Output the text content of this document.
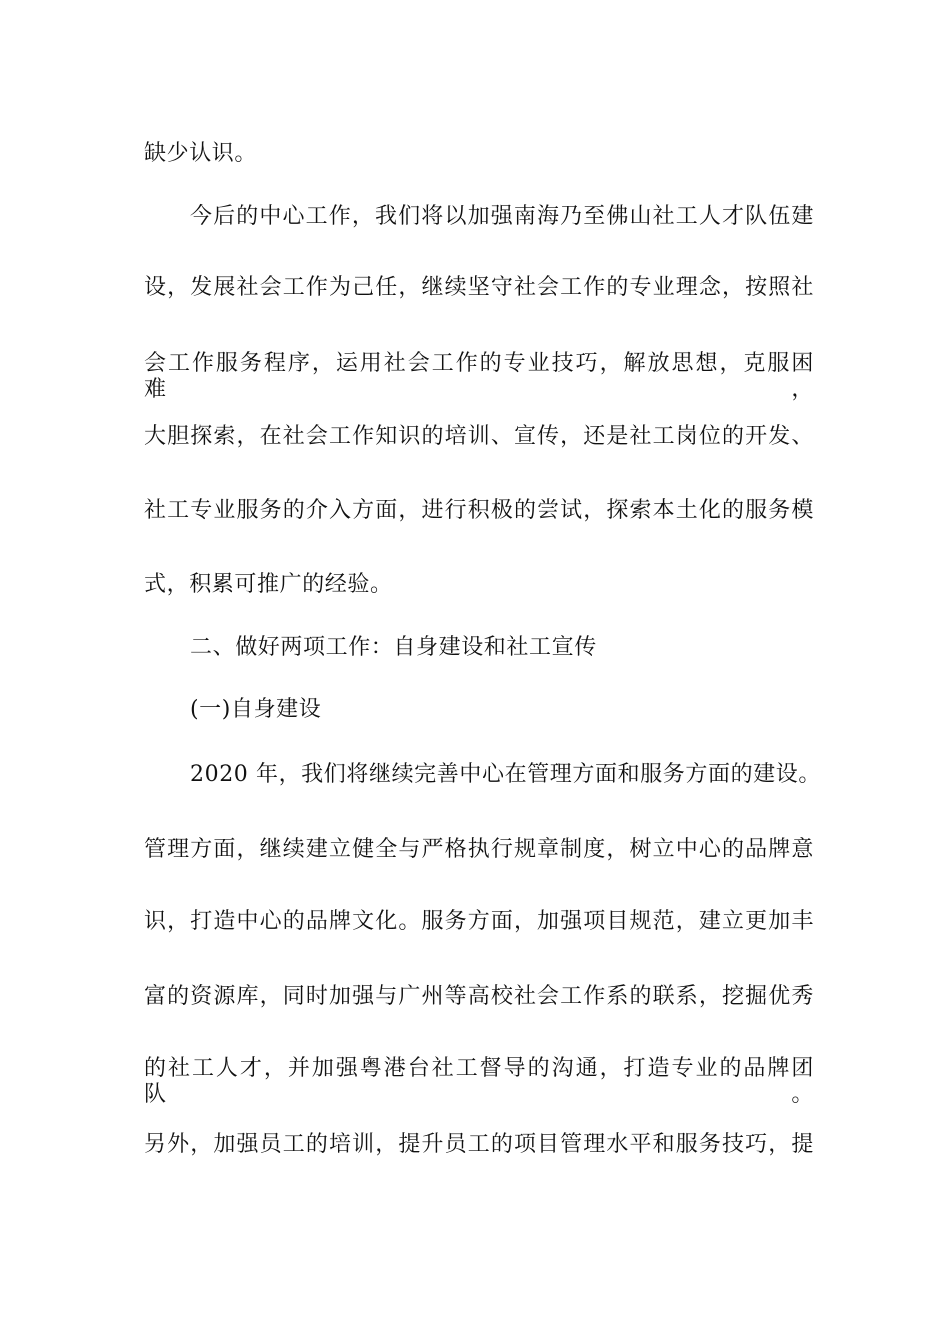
缺少认识。
今后的中心工作，我们将以加强南海乃至佛山社工人才队伍建
设，发展社会工作为己任，继续坚守社会工作的专业理念，按照社
会工作服务程序，运用社会工作的专业技巧，解放思想，克服困难，
大胆探索，在社会工作知识的培训、宣传，还是社工岗位的开发、
社工专业服务的介入方面，进行积极的尝试，探索本土化的服务模
式，积累可推广的经验。
二、做好两项工作：自身建设和社工宣传
(一)自身建设
2020 年，我们将继续完善中心在管理方面和服务方面的建设。
管理方面，继续建立健全与严格执行规章制度，树立中心的品牌意
识，打造中心的品牌文化。服务方面，加强项目规范，建立更加丰
富的资源库，同时加强与广州等高校社会工作系的联系，挖掘优秀
的社工人才，并加强粤港台社工督导的沟通，打造专业的品牌团队。
另外，加强员工的培训，提升员工的项目管理水平和服务技巧，提
